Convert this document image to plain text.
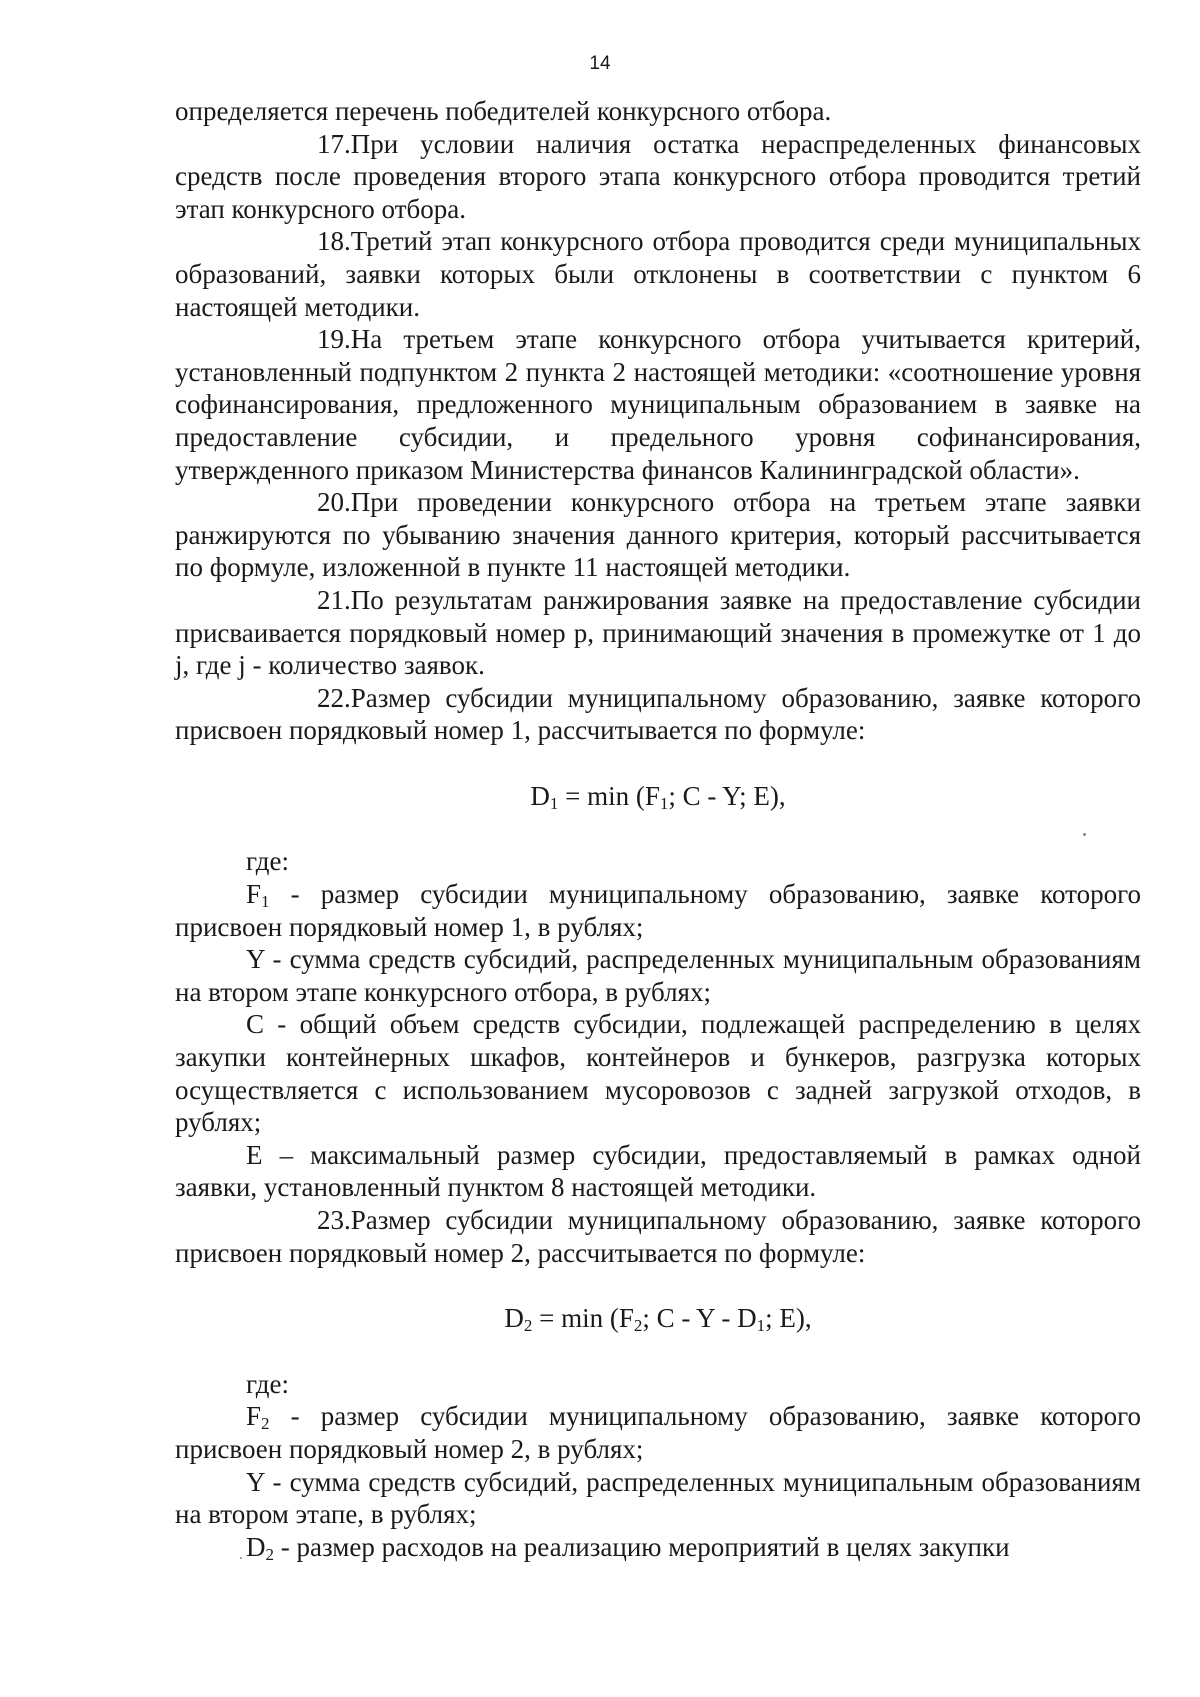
14

определяется перечень победителей конкурсного отбора.

17.При условии наличия остатка нераспределенных финансовых средств после проведения второго этапа конкурсного отбора проводится третий этап конкурсного отбора.

18.Третий этап конкурсного отбора проводится среди муниципальных образований, заявки которых были отклонены в соответствии с пунктом 6 настоящей методики.

19.На третьем этапе конкурсного отбора учитывается критерий, установленный подпунктом 2 пункта 2 настоящей методики: «соотношение уровня софинансирования, предложенного муниципальным образованием в заявке на предоставление субсидии, и предельного уровня софинансирования, утвержденного приказом Министерства финансов Калининградской области».

20.При проведении конкурсного отбора на третьем этапе заявки ранжируются по убыванию значения данного критерия, который рассчитывается по формуле, изложенной в пункте 11 настоящей методики.

21.По результатам ранжирования заявке на предоставление субсидии присваивается порядковый номер p, принимающий значения в промежутке от 1 до j, где j - количество заявок.

22.Размер субсидии муниципальному образованию, заявке которого присвоен порядковый номер 1, рассчитывается по формуле:

$D_1 = \min (F_1$; C - Y; E),

где:

$F_1$ - размер субсидии муниципальному образованию, заявке которого присвоен порядковый номер 1, в рублях;

Y - сумма средств субсидий, распределенных муниципальным образованиям на втором этапе конкурсного отбора, в рублях;

C - общий объем средств субсидии, подлежащей распределению в целях закупки контейнерных шкафов, контейнеров и бункеров, разгрузка которых осуществляется с использованием мусоровозов с задней загрузкой отходов, в рублях;

E – максимальный размер субсидии, предоставляемый в рамках одной заявки, установленный пунктом 8 настоящей методики.

23.Размер субсидии муниципальному образованию, заявке которого присвоен порядковый номер 2, рассчитывается по формуле:

$D_2 = \min (F_2$; C - Y - $D_1$; E),

где:

$F_2$ - размер субсидии муниципальному образованию, заявке которого присвоен порядковый номер 2, в рублях;

Y - сумма средств субсидий, распределенных муниципальным образованиям на втором этапе, в рублях;

$D_2$ - размер расходов на реализацию мероприятий в целях закупки
